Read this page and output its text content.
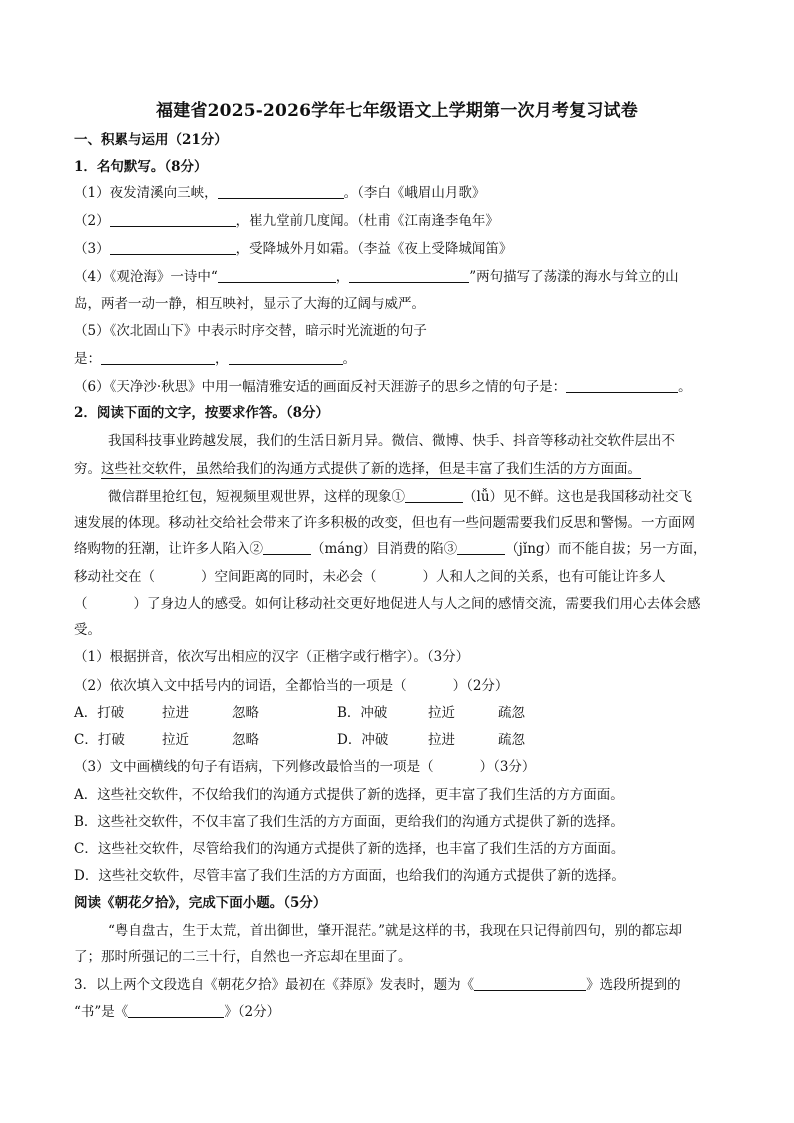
福建省2025-2026学年七年级语文上学期第一次月考复习试卷
一、积累与运用（21分）
1．名句默写。（8分）
（1）夜发清溪向三峡，	。（李白《峨眉山月歌》
（2）	，崔九堂前几度闻。（杜甫《江南逢李龟年》
（3）	，受降城外月如霜。（李益《夜上受降城闻笛》
（4）《观沧海》一诗中“	，	”两句描写了荡漾的海水与耸立的山
岛，两者一动一静，相互映衬，显示了大海的辽阔与威严。
（5）《次北固山下》中表示时序交替，暗示时光流逝的句子
是：	，	。
（6）《天净沙·秋思》中用一幅清雅安适的画面反衬天涯游子的思乡之情的句子是：	。
2．阅读下面的文字，按要求作答。（8分）
我国科技事业跨越发展，我们的生活日新月异。微信、微博、快手、抖音等移动社交软件层出不
穷。这些社交软件，虽然给我们的沟通方式提供了新的选择，但是丰富了我们生活的方方面面。
微信群里抢红包，短视频里观世界，这样的现象①	（lǚ）见不鲜。这也是我国移动社交飞
速发展的体现。移动社交给社会带来了许多积极的改变，但也有一些问题需要我们反思和警惕。一方面网
络购物的狂潮，让许多人陷入②	（máng）目消费的陷③	（jǐng）而不能自拔；另一方面，
移动社交在（	）空间距离的同时，未必会（	）人和人之间的关系，也有可能让许多人
（	）了身边人的感受。如何让移动社交更好地促进人与人之间的感情交流，需要我们用心去体会感
受。
（1）根据拼音，依次写出相应的汉字（正楷字或行楷字）。（3分）
（2）依次填入文中括号内的词语，全都恰当的一项是（	）（2分）
A．打破	拉进	忽略	B．冲破	拉近	疏忽
C．打破	拉近	忽略	D．冲破	拉进	疏忽
（3）文中画横线的句子有语病，下列修改最恰当的一项是（	）（3分）
A．这些社交软件，不仅给我们的沟通方式提供了新的选择，更丰富了我们生活的方方面面。
B．这些社交软件，不仅丰富了我们生活的方方面面，更给我们的沟通方式提供了新的选择。
C．这些社交软件，尽管给我们的沟通方式提供了新的选择，也丰富了我们生活的方方面面。
D．这些社交软件，尽管丰富了我们生活的方方面面，也给我们的沟通方式提供了新的选择。
阅读《朝花夕拾》，完成下面小题。（5分）
“粤自盘古，生于太荒，首出御世，肇开混茫。”就是这样的书，我现在只记得前四句，别的都忘却
了；那时所强记的二三十行，自然也一齐忘却在里面了。
3．以上两个文段选自《朝花夕拾》最初在《莽原》发表时，题为《	》选段所提到的
“书”是《	》（2分）
